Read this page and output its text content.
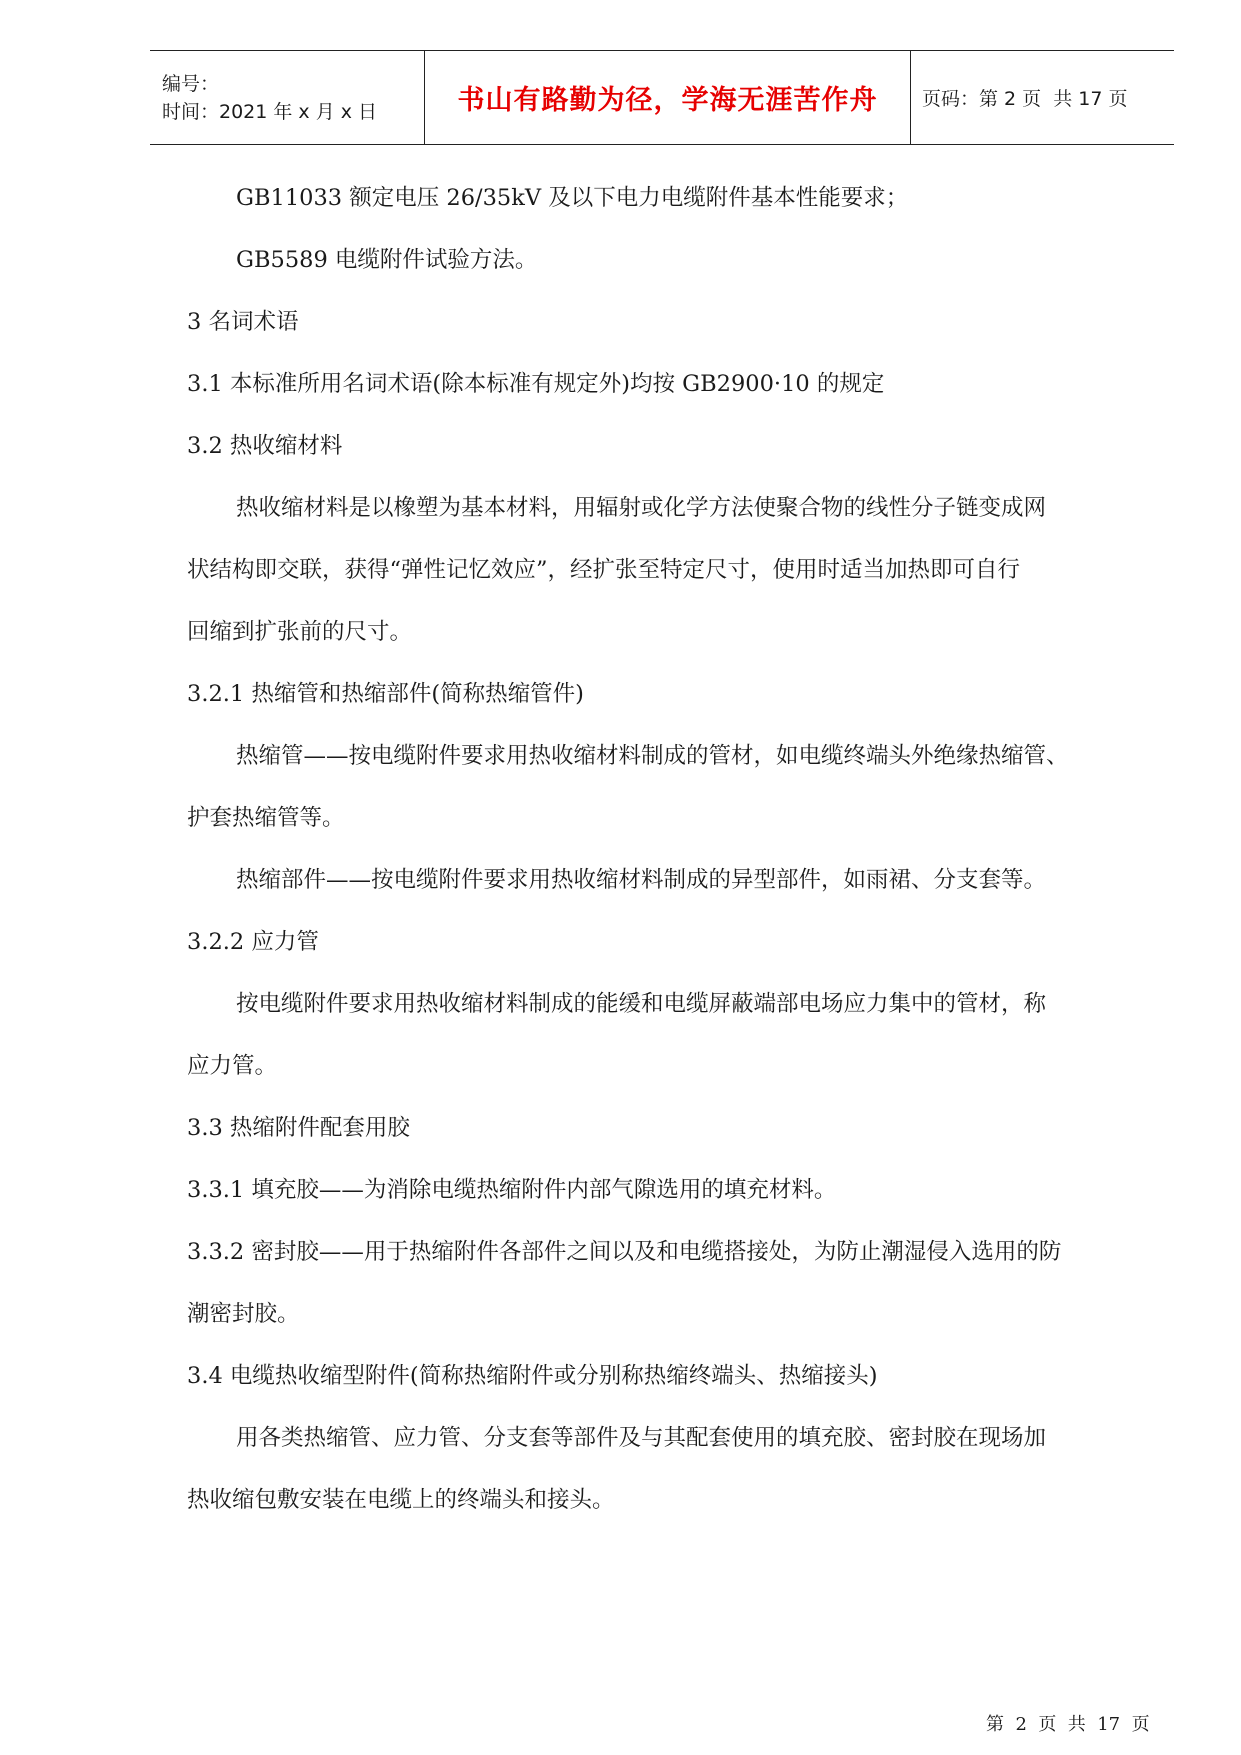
编号：
时间：2021 年 x 月 x 日	书山有路勤为径，学海无涯苦作舟 页码：第 2 页  共 17 页
GB11033 额定电压 26/35kV 及以下电力电缆附件基本性能要求；
GB5589 电缆附件试验方法。
3 名词术语
3.1 本标准所用名词术语(除本标准有规定外)均按 GB2900·10 的规定
3.2 热收缩材料
热收缩材料是以橡塑为基本材料，用辐射或化学方法使聚合物的线性分子链变成网
状结构即交联，获得“弹性记忆效应”，经扩张至特定尺寸，使用时适当加热即可自行
回缩到扩张前的尺寸。
3.2.1 热缩管和热缩部件(简称热缩管件)
热缩管——按电缆附件要求用热收缩材料制成的管材，如电缆终端头外绝缘热缩管、
护套热缩管等。
热缩部件——按电缆附件要求用热收缩材料制成的异型部件，如雨裙、分支套等。
3.2.2 应力管
按电缆附件要求用热收缩材料制成的能缓和电缆屏蔽端部电场应力集中的管材，称
应力管。
3.3 热缩附件配套用胶
3.3.1 填充胶——为消除电缆热缩附件内部气隙选用的填充材料。
3.3.2 密封胶——用于热缩附件各部件之间以及和电缆搭接处，为防止潮湿侵入选用的防
潮密封胶。
3.4 电缆热收缩型附件(简称热缩附件或分别称热缩终端头、热缩接头)
用各类热缩管、应力管、分支套等部件及与其配套使用的填充胶、密封胶在现场加
热收缩包敷安装在电缆上的终端头和接头。
第  2  页  共  17  页
